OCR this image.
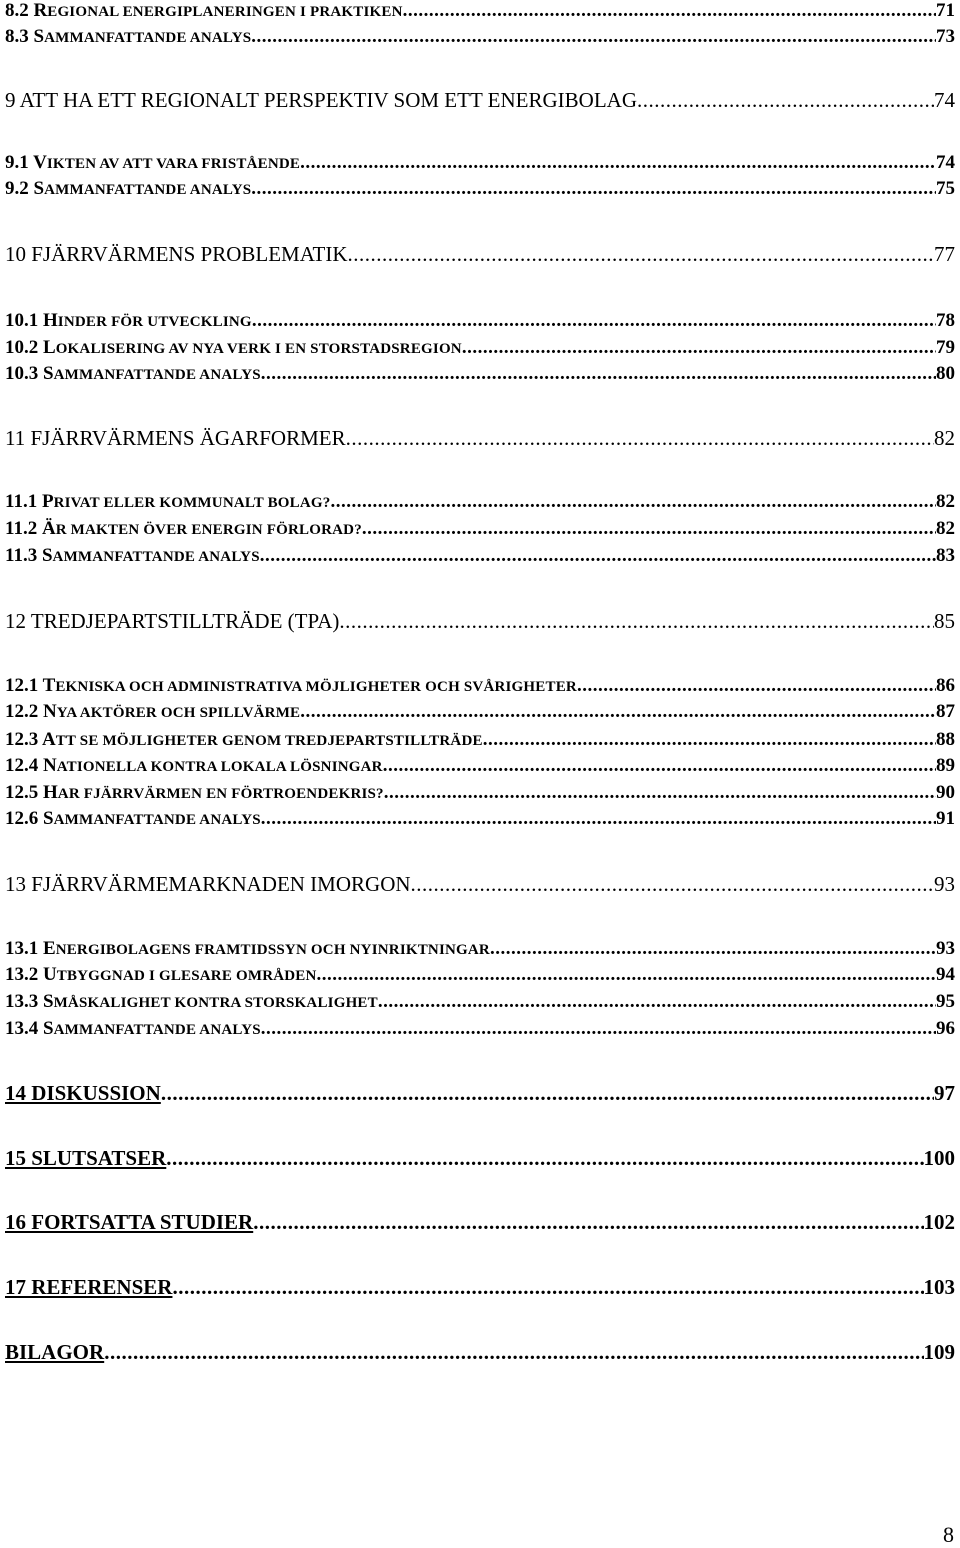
8.2 REGIONAL ENERGIPLANERINGEN I PRAKTIKEN .....	71
8.3 SAMMANFATTANDE ANALYS .....	73
9 ATT HA ETT REGIONALT PERSPEKTIV SOM ETT ENERGIBOLAG .....	74
9.1 VIKTEN AV ATT VARA FRISTÅENDE .....	74
9.2 SAMMANFATTANDE ANALYS .....	75
10 FJÄRRVÄRMENS PROBLEMATIK .....	77
10.1 HINDER FÖR UTVECKLING .....	78
10.2 LOKALISERING AV NYA VERK I EN STORSTADSREGION .....	79
10.3 SAMMANFATTANDE ANALYS .....	80
11 FJÄRRVÄRMENS ÄGARFORMER .....	82
11.1 PRIVAT ELLER KOMMUNALT BOLAG? .....	82
11.2 ÄR MAKTEN ÖVER ENERGIN FÖRLORAD? .....	82
11.3 SAMMANFATTANDE ANALYS .....	83
12 TREDJEPARTSTILLTRÄDE (TPA) .....	85
12.1 TEKNISKA OCH ADMINISTRATIVA MÖJLIGHETER OCH SVÅRIGHETER .....	86
12.2 NYA AKTÖRER OCH SPILLVÄRME .....	87
12.3 ATT SE MÖJLIGHETER GENOM TREDJEPARTSTILLTRÄDE .....	88
12.4 NATIONELLA KONTRA LOKALA LÖSNINGAR .....	89
12.5 HAR FJÄRRVÄRMEN EN FÖRTROENDEKRIS? .....	90
12.6 SAMMANFATTANDE ANALYS .....	91
13 FJÄRRVÄRMEMARKNADEN IMORGON .....	93
13.1 ENERGIBOLAGENS FRAMTIDSSYN OCH NYINRIKTNINGAR .....	93
13.2 UTBYGGNAD I GLESARE OMRÅDEN .....	94
13.3 SMÅSKALIGHET KONTRA STORSKALIGHET .....	95
13.4 SAMMANFATTANDE ANALYS .....	96
14 DISKUSSION .....	97
15 SLUTSATSER .....	100
16 FORTSATTA STUDIER .....	102
17 REFERENSER .....	103
BILAGOR .....	109
8
